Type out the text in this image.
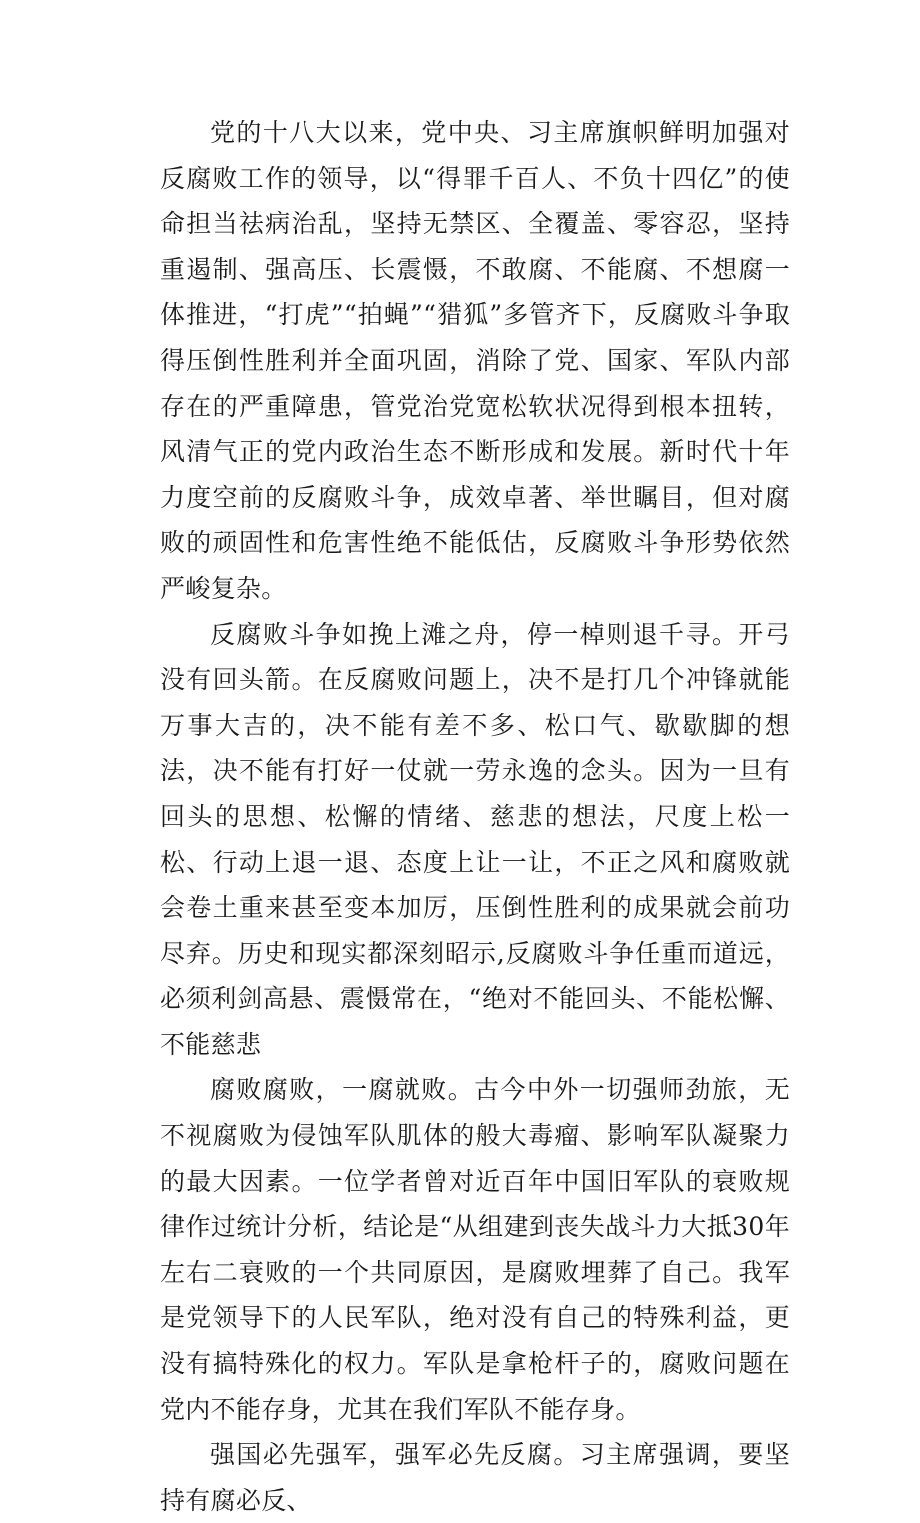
党的十八大以来，党中央、习主席旗帜鲜明加强对反腐败工作的领导，以“得罪千百人、不负十四亿”的使命担当祛病治乱，坚持无禁区、全覆盖、零容忍，坚持重遏制、强高压、长震慑，不敢腐、不能腐、不想腐一体推进，“打虎”“拍蝇”“猎狐”多管齐下，反腐败斗争取得压倒性胜利并全面巩固，消除了党、国家、军队内部存在的严重障患，管党治党宽松软状况得到根本扭转，风清气正的党内政治生态不断形成和发展。新时代十年力度空前的反腐败斗争，成效卓著、举世瞩目，但对腐败的顽固性和危害性绝不能低估，反腐败斗争形势依然严峻复杂。

反腐败斗争如挽上滩之舟，停一棹则退千寻。开弓没有回头箭。在反腐败问题上，决不是打几个冲锋就能万事大吉的，决不能有差不多、松口气、歇歇脚的想法，决不能有打好一仗就一劳永逸的念头。因为一旦有回头的思想、松懈的情绪、慈悲的想法，尺度上松一松、行动上退一退、态度上让一让，不正之风和腐败就会卷土重来甚至变本加厉，压倒性胜利的成果就会前功尽弃。历史和现实都深刻昭示,反腐败斗争任重而道远，必须利剑高悬、震慑常在，“绝对不能回头、不能松懈、不能慈悲

腐败腐败，一腐就败。古今中外一切强师劲旅，无不视腐败为侵蚀军队肌体的般大毒瘤、影响军队凝聚力的最大因素。一位学者曾对近百年中国旧军队的衰败规律作过统计分析，结论是“从组建到丧失战斗力大抵30年左右二衰败的一个共同原因，是腐败埋葬了自己。我军是党领导下的人民军队，绝对没有自己的特殊利益，更没有搞特殊化的权力。军队是拿枪杆子的，腐败问题在党内不能存身，尤其在我们军队不能存身。

强国必先强军，强军必先反腐。习主席强调，要坚持有腐必反、
